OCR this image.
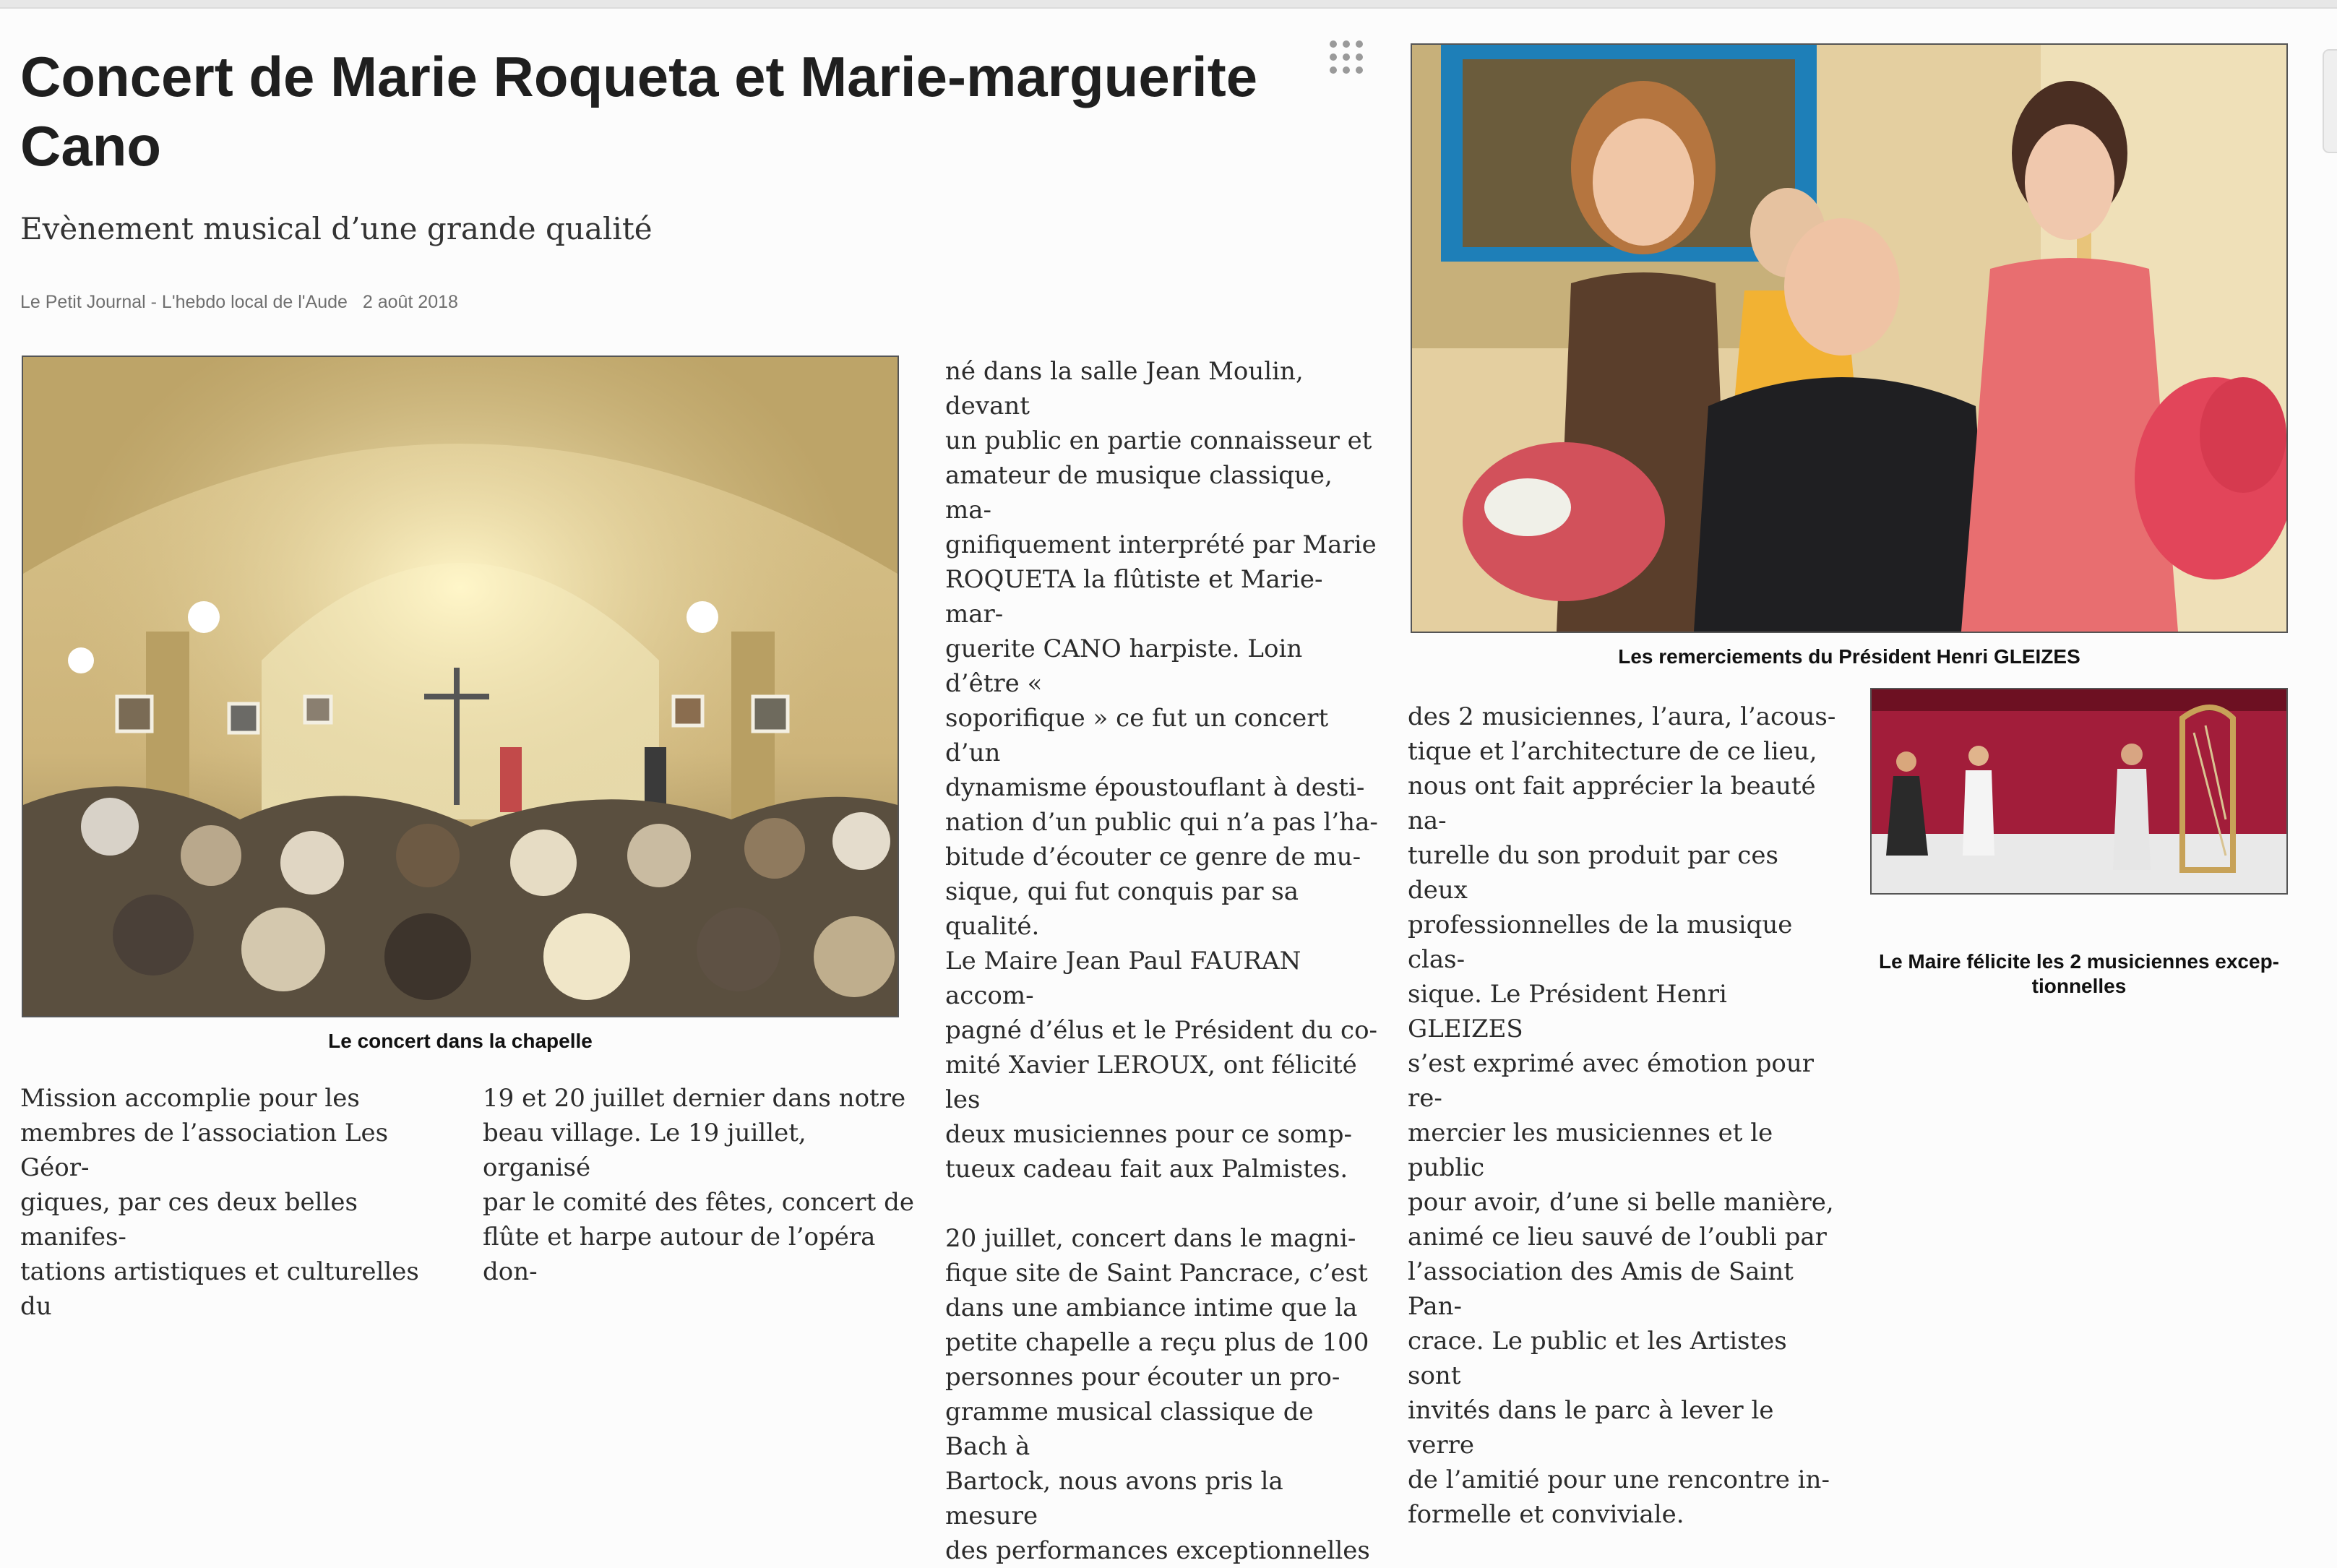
Concert de Marie Roqueta et Marie-marguerite Cano
Evènement musical d’une grande qualité
Le Petit Journal - L'hebdo local de l'Aude 2 août 2018
Le concert dans la chapelle
Les remerciements du Président Henri GLEIZES
Le Maire félicite les 2 musiciennes excep-
tionnelles

Mission accomplie pour les
membres de l’association Les Géor-
giques, par ces deux belles manifes-
tations artistiques et culturelles du

19 et 20 juillet dernier dans notre
beau village. Le 19 juillet, organisé
par le comité des fêtes, concert de
flûte et harpe autour de l’opéra don-

né dans la salle Jean Moulin, devant
un public en partie connaisseur et
amateur de musique classique, ma-
gnifiquement interprété par Marie
ROQUETA la flûtiste et Marie-mar-
guerite CANO harpiste. Loin d’être «
soporifique » ce fut un concert d’un
dynamisme époustouflant à desti-
nation d’un public qui n’a pas l’ha-
bitude d’écouter ce genre de mu-
sique, qui fut conquis par sa qualité.
Le Maire Jean Paul FAURAN accom-
pagné d’élus et le Président du co-
mité Xavier LEROUX, ont félicité les
deux musiciennes pour ce somp-
tueux cadeau fait aux Palmistes.

20 juillet, concert dans le magni-
fique site de Saint Pancrace, c’est
dans une ambiance intime que la
petite chapelle a reçu plus de 100
personnes pour écouter un pro-
gramme musical classique de Bach à
Bartock, nous avons pris la mesure
des performances exceptionnelles

des 2 musiciennes, l’aura, l’acous-
tique et l’architecture de ce lieu,
nous ont fait apprécier la beauté na-
turelle du son produit par ces deux
professionnelles de la musique clas-
sique. Le Président Henri GLEIZES
s’est exprimé avec émotion pour re-
mercier les musiciennes et le public
pour avoir, d’une si belle manière,
animé ce lieu sauvé de l’oubli par
l’association des Amis de Saint Pan-
crace. Le public et les Artistes sont
invités dans le parc à lever le verre
de l’amitié pour une rencontre in-
formelle et conviviale.
